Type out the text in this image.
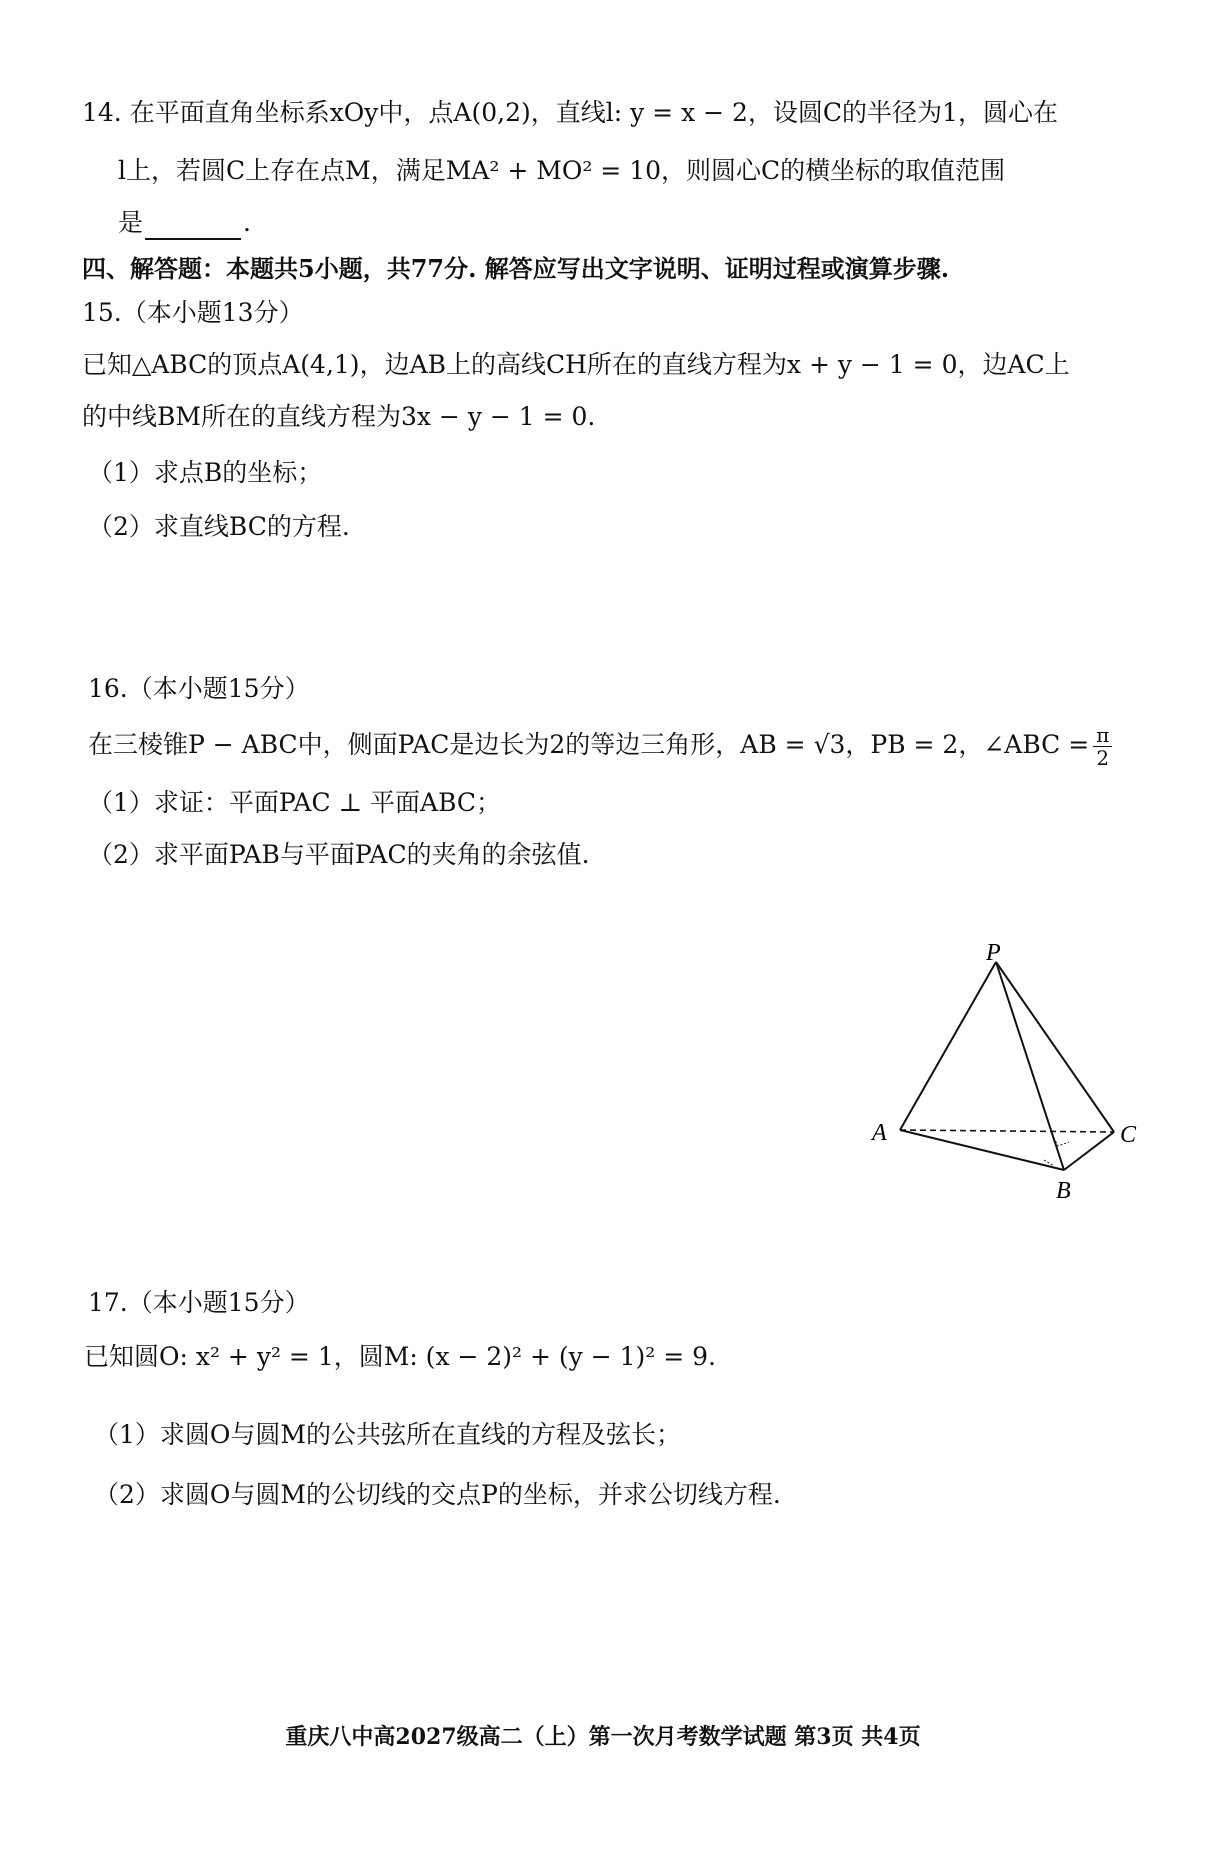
14. 在平面直角坐标系xOy中，点A(0,2)，直线l: y = x − 2，设圆C的半径为1，圆心在
l上，若圆C上存在点M，满足MA² + MO² = 10，则圆心C的横坐标的取值范围
是	.
四、解答题：本题共5小题，共77分. 解答应写出文字说明、证明过程或演算步骤.
15.（本小题13分）
已知△ABC的顶点A(4,1)，边AB上的高线CH所在的直线方程为x + y − 1 = 0，边AC上
的中线BM所在的直线方程为3x − y − 1 = 0.
（1）求点B的坐标；
（2）求直线BC的方程.
16.（本小题15分）
在三棱锥P − ABC中，侧面PAC是边长为2的等边三角形，AB = √3，PB = 2，∠ABC = $\frac{\pi}{2}$
（1）求证：平面PAC ⊥ 平面ABC；
（2）求平面PAB与平面PAC的夹角的余弦值.
P
A
B
C
17.（本小题15分）
已知圆O: x² + y² = 1，圆M: (x − 2)² + (y − 1)² = 9.
（1）求圆O与圆M的公共弦所在直线的方程及弦长；
（2）求圆O与圆M的公切线的交点P的坐标，并求公切线方程.
重庆八中高2027级高二（上）第一次月考数学试题 第3页 共4页
